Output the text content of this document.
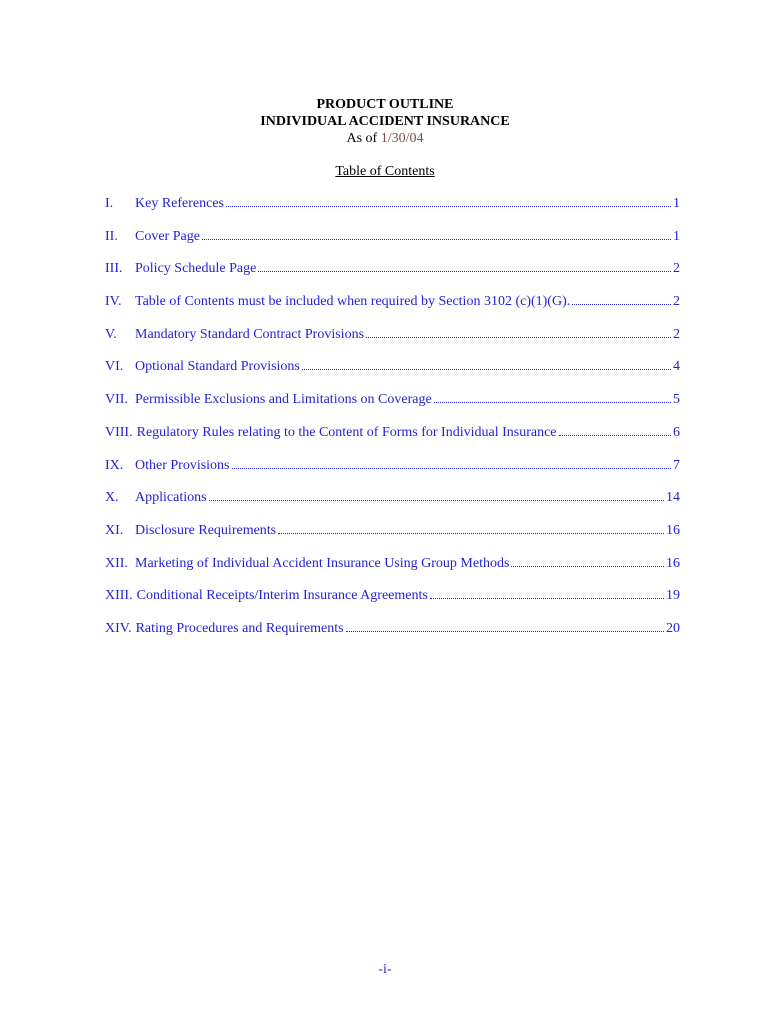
PRODUCT OUTLINE
INDIVIDUAL ACCIDENT INSURANCE
As of 1/30/04
Table of Contents
I. Key References	1
II. Cover Page	1
III. Policy Schedule Page	2
IV. Table of Contents must be included when required by Section 3102 (c)(1)(G).	2
V. Mandatory Standard Contract Provisions	2
VI. Optional Standard Provisions	4
VII. Permissible Exclusions and Limitations on Coverage	5
VIII. Regulatory Rules relating to the Content of Forms for Individual Insurance	6
IX. Other Provisions	7
X. Applications	14
XI. Disclosure Requirements	16
XII. Marketing of Individual Accident Insurance Using Group Methods	16
XIII. Conditional Receipts/Interim Insurance Agreements	19
XIV. Rating Procedures and Requirements	20
-i-
